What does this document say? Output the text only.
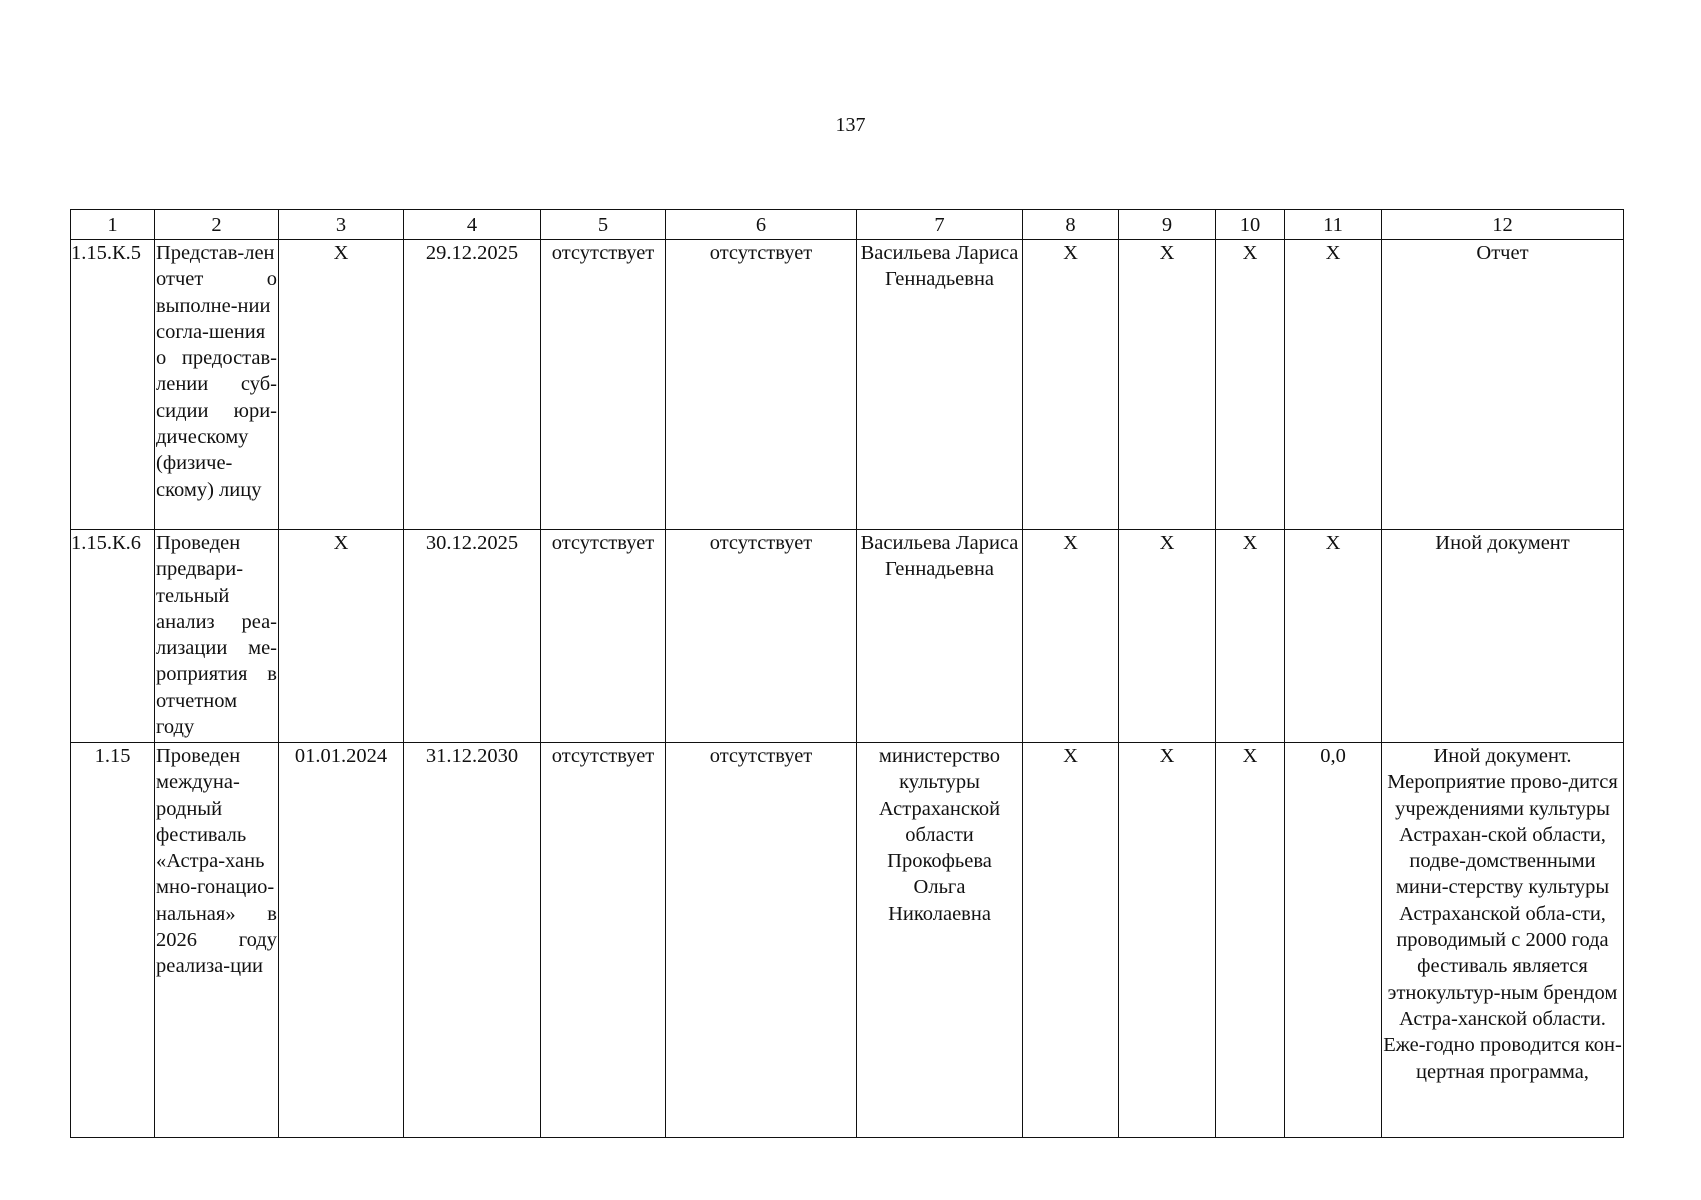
137
1	2	3	4	5	6	7	8	9	10	11	12
1.15.К.5	Представ-лен отчет о выполне-нии согла-шения о предостав-лении суб-сидии юри-дическому (физиче-скому) лицу	X	29.12.2025	отсутствует	отсутствует	Васильева Лариса Геннадьевна	X	X	X	X	Отчет
1.15.К.6	Проведен предвари-тельный анализ реа-лизации ме-роприятия в отчетном году	X	30.12.2025	отсутствует	отсутствует	Васильева Лариса Геннадьевна	X	X	X	X	Иной документ
1.15	Проведен междуна-родный фестиваль «Астра-хань мно-гонацио-нальная» в 2026 году реализа-ции	01.01.2024	31.12.2030	отсутствует	отсутствует	министерство культуры Астраханской области Прокофьева Ольга Николаевна	X	X	X	0,0	Иной документ. Мероприятие прово-дится учреждениями культуры Астрахан-ской области, подве-домственными мини-стерству культуры Астраханской обла-сти, проводимый с 2000 года фестиваль является этнокультур-ным брендом Астра-ханской области. Еже-годно проводится кон-цертная программа,
